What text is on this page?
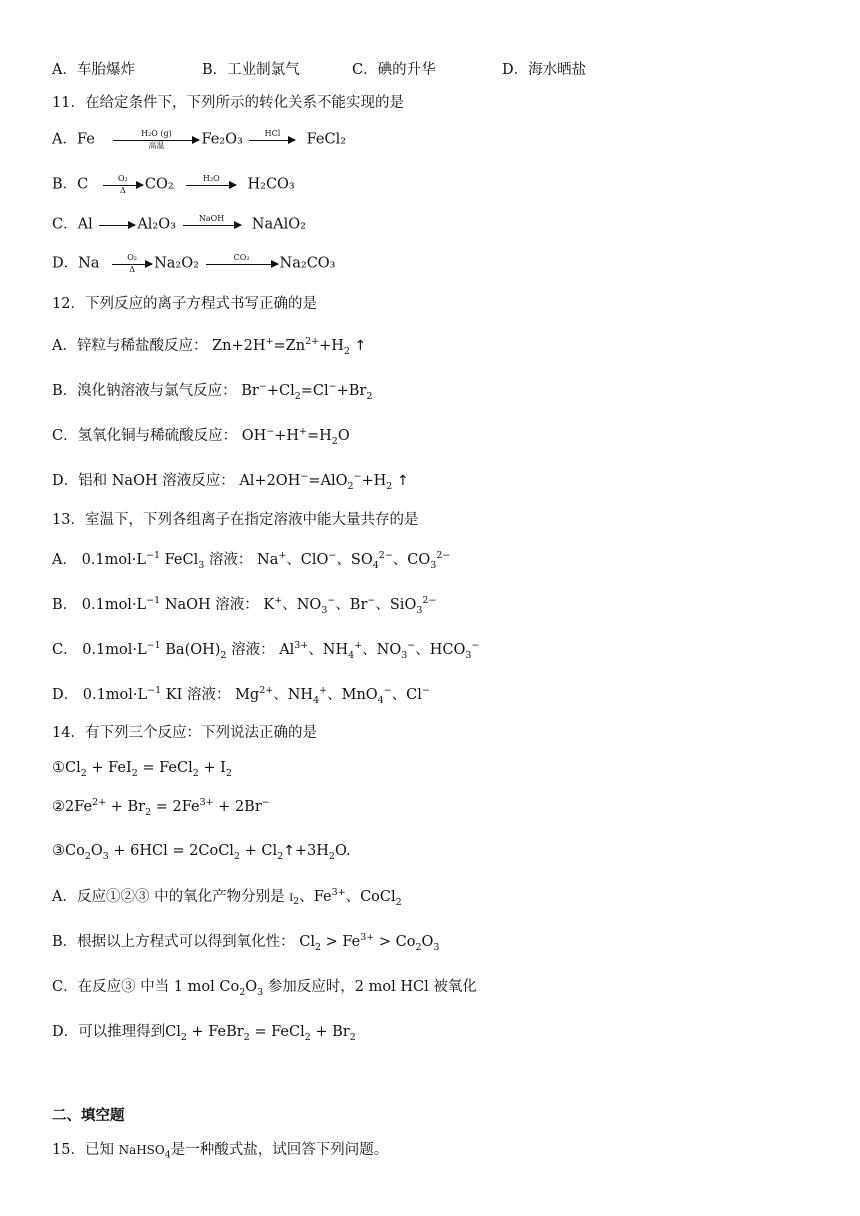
A．车胎爆炸	B．工业制氯气	C．碘的升华	D．海水晒盐
11．在给定条件下，下列所示的转化关系不能实现的是
A．Fe	H₂O (g)
高温	Fe₂O₃	HCl	FeCl₂
B．C $\frac{\text{O₂}}{\Delta} CO_2$	H₂O	H₂CO₃
C．Al	Al₂O₃	NaOH	NaAlO₂
D．Na $\frac{\text{O₂}}{\Delta} Na_2O_2$	CO₂	Na₂CO₃
12．下列反应的离子方程式书写正确的是
A．锌粒与稀盐酸反应： $Zn+2H^+=Zn^{2+}+H_2$ ↑
B．溴化钠溶液与氯气反应： $Br^-+Cl_2=Cl^-+Br_2$
C．氢氧化铜与稀硫酸反应： $OH^-+H^+=H_2O$
D．铝和 NaOH 溶液反应： $Al+2OH^-=AlO_2^-+H_2$ ↑
13．室温下，下列各组离子在指定溶液中能大量共存的是
A． $0.1mol\cdot L^{-1}$ FeCl$_3$ 溶液： Na+、ClO−、$SO_4^{2-}$、$CO_3^{2-}$
B． $0.1mol\cdot L^{-1}$ NaOH 溶液： K+、$NO_3^-$、Br−、SiO$_3^{2-}$
C． $0.1mol\cdot L^{-1}$ $Ba(OH)_2$ 溶液： $Al^{3+}$、$NH_4^+$、$NO_3^-$、$HCO_3^-$
D． $0.1mol\cdot L^{-1}$ KI 溶液： $Mg^{2+}$、$NH_4^+$、MnO$_4$−、Cl−
14．有下列三个反应：下列说法正确的是
$①Cl_2 + FeI_2$ = FeCl$_2$ + $I_2$
$②2Fe^{2+} + Br_2 = 2Fe^{3+} + 2Br^-$
$③Co_2O_3 + 6HCl$ = 2CoCl$_2$ + $Cl_2↑+3H_2O$.
A．反应①②③ 中的氧化产物分别是 $I_2$、$Fe^{3+}$、CoCl$_2$
B．根据以上方程式可以得到氧化性： $Cl_2 > Fe^{3+} > Co_2O_3$
C．在反应③ 中当 1 mol $Co_2O_3$ 参加反应时，2 mol HCl 被氧化
D．可以推理得到$Cl_2$ + FeBr$_2$ = FeCl$_2$ + $Br_2$
二、填空题
15．已知 NaHSO$_4$是一种酸式盐，试回答下列问题。
